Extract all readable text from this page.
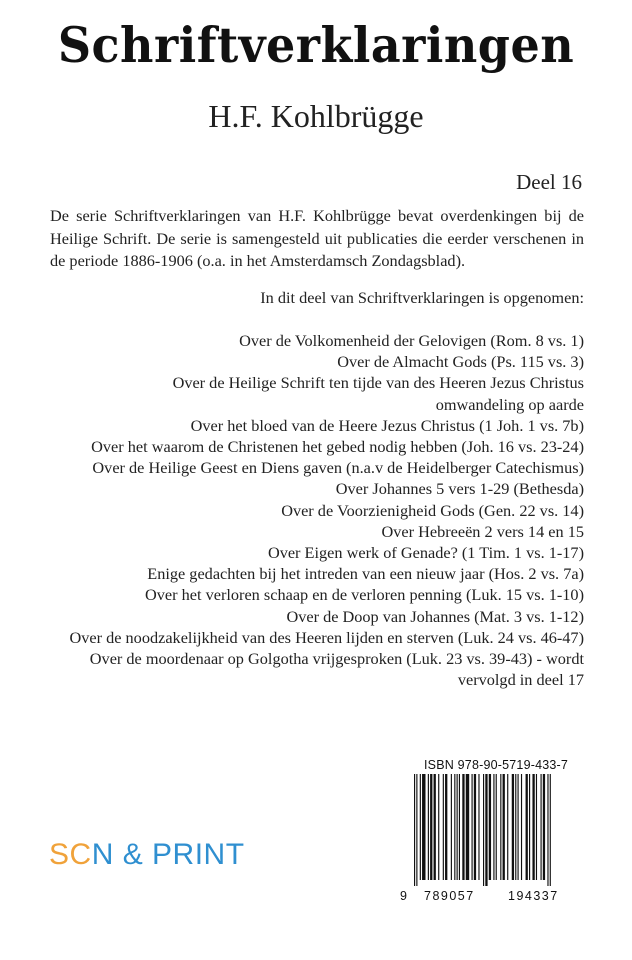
Schriftverklaringen
H.F. Kohlbrügge
Deel 16
De serie Schriftverklaringen van H.F. Kohlbrügge bevat overdenkingen bij de Heilige Schrift. De serie is samengesteld uit publicaties die eerder verschenen in de periode 1886-1906 (o.a. in het Amsterdamsch Zondagsblad).
In dit deel van Schriftverklaringen is opgenomen:
Over de Volkomenheid der Gelovigen (Rom. 8 vs. 1)
Over de Almacht Gods (Ps. 115 vs. 3)
Over de Heilige Schrift ten tijde van des Heeren Jezus Christus omwandeling op aarde
Over het bloed van de Heere Jezus Christus (1 Joh. 1 vs. 7b)
Over het waarom de Christenen het gebed nodig hebben (Joh. 16 vs. 23-24)
Over de Heilige Geest en Diens gaven (n.a.v de Heidelberger Catechismus)
Over Johannes 5 vers 1-29 (Bethesda)
Over de Voorzienigheid Gods (Gen. 22 vs. 14)
Over Hebreeën 2 vers 14 en 15
Over Eigen werk of Genade? (1 Tim. 1 vs. 1-17)
Enige gedachten bij het intreden van een nieuw jaar (Hos. 2 vs. 7a)
Over het verloren schaap en de verloren penning (Luk. 15 vs. 1-10)
Over de Doop van Johannes (Mat. 3 vs. 1-12)
Over de noodzakelijkheid van des Heeren lijden en sterven (Luk. 24 vs. 46-47)
Over de moordenaar op Golgotha vrijgesproken (Luk. 23 vs. 39-43) - wordt vervolgd in deel 17
ISBN 978-90-5719-433-7
9 789057	194337
SCN & PRINT
